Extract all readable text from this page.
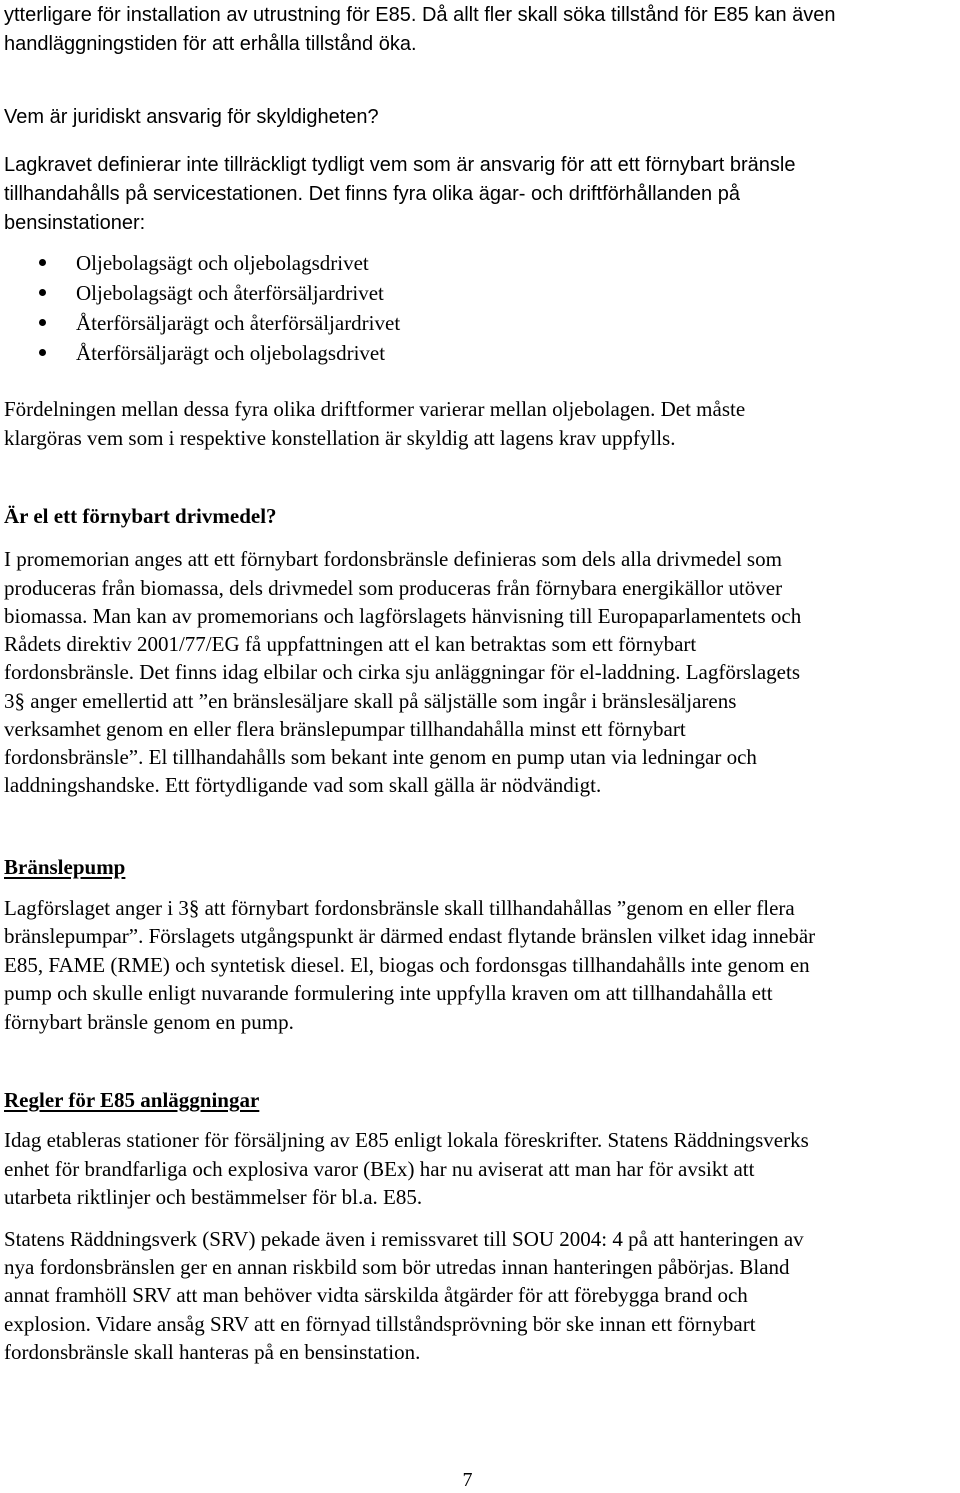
ytterligare för installation av utrustning för E85. Då allt fler skall söka tillstånd för E85 kan även
handläggningstiden för att erhålla tillstånd öka.
Vem är juridiskt ansvarig för skyldigheten?
Lagkravet definierar inte tillräckligt tydligt vem som är ansvarig för att ett förnybart bränsle
tillhandahålls på servicestationen. Det finns fyra olika ägar- och driftförhållanden på
bensinstationer:
Oljebolagsägt och oljebolagsdrivet
Oljebolagsägt och återförsäljardrivet
Återförsäljarägt och återförsäljardrivet
Återförsäljarägt och oljebolagsdrivet
Fördelningen mellan dessa fyra olika driftformer varierar mellan oljebolagen. Det måste
klargöras vem som i respektive konstellation är skyldig att lagens krav uppfylls.
Är el ett förnybart drivmedel?
I promemorian anges att ett förnybart fordonsbränsle definieras som dels alla drivmedel som
produceras från biomassa, dels drivmedel som produceras från förnybara energikällor utöver
biomassa. Man kan av promemorians och lagförslagets hänvisning till Europaparlamentets och
Rådets direktiv 2001/77/EG få uppfattningen att el kan betraktas som ett förnybart
fordonsbränsle. Det finns idag elbilar och cirka sju anläggningar för el-laddning. Lagförslagets
3§ anger emellertid att ”en bränslesäljare skall på säljställe som ingår i bränslesäljarens
verksamhet genom en eller flera bränslepumpar tillhandahålla minst ett förnybart
fordonsbränsle”. El tillhandahålls som bekant inte genom en pump utan via ledningar och
laddningshandske. Ett förtydligande vad som skall gälla är nödvändigt.
Bränslepump
Lagförslaget anger i 3§ att förnybart fordonsbränsle skall tillhandahållas ”genom en eller flera
bränslepumpar”. Förslagets utgångspunkt är därmed endast flytande bränslen vilket idag innebär
E85, FAME (RME) och syntetisk diesel. El, biogas och fordonsgas tillhandahålls inte genom en
pump och skulle enligt nuvarande formulering inte uppfylla kraven om att tillhandahålla ett
förnybart bränsle genom en pump.
Regler för E85 anläggningar
Idag etableras stationer för försäljning av E85 enligt lokala föreskrifter. Statens Räddningsverks
enhet för brandfarliga och explosiva varor (BEx) har nu aviserat att man har för avsikt att
utarbeta riktlinjer och bestämmelser för bl.a. E85.
Statens Räddningsverk (SRV) pekade även i remissvaret till SOU 2004: 4 på att hanteringen av
nya fordonsbränslen ger en annan riskbild som bör utredas innan hanteringen påbörjas. Bland
annat framhöll SRV att man behöver vidta särskilda åtgärder för att förebygga brand och
explosion. Vidare ansåg SRV att en förnyad tillståndsprövning bör ske innan ett förnybart
fordonsbränsle skall hanteras på en bensinstation.
7
